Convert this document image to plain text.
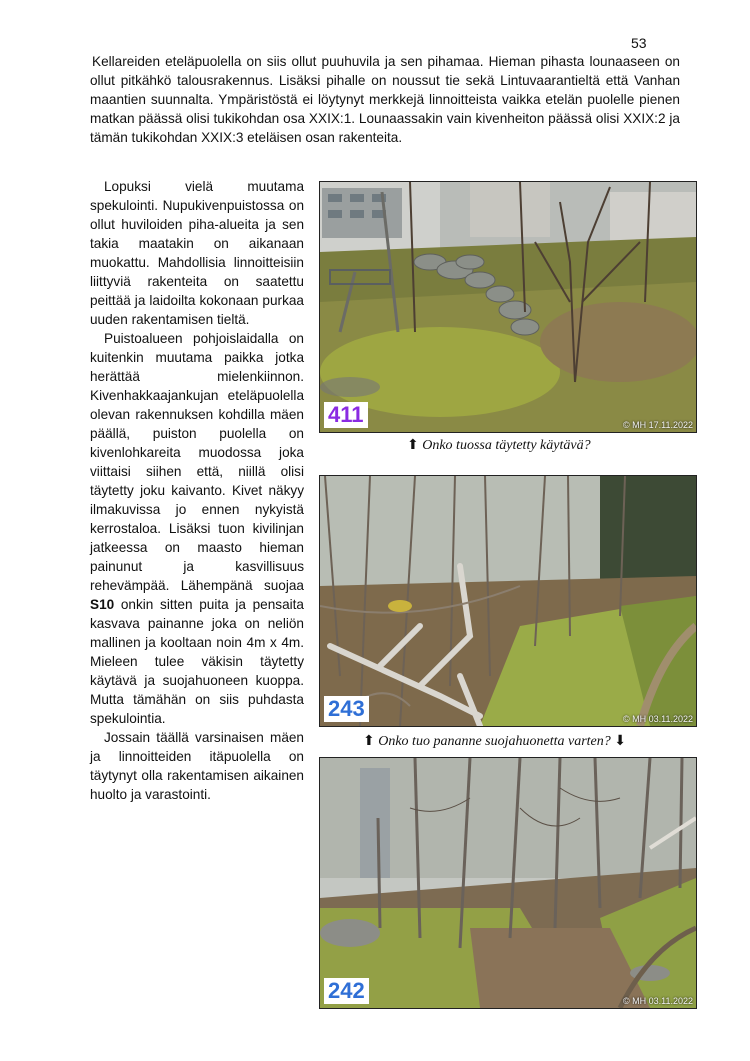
53

Kellareiden eteläpuolella on siis ollut puuhuvila ja sen pihamaa. Hieman pihasta lounaaseen on ollut pitkähkö talousrakennus. Lisäksi pihalle on noussut tie sekä Lintuvaarantieltä että Vanhan maantien suunnalta. Ympäristöstä ei löytynyt merkkejä linnoitteista vaikka etelän puolelle pienen matkan päässä olisi tukikohdan osa XXIX:1. Lounaassakin vain kivenheiton päässä olisi XXIX:2 ja tämän tukikohdan XXIX:3 eteläisen osan rakenteita.

Lopuksi vielä muutama spekulointi. Nupukivenpuistossa on ollut huviloiden piha-alueita ja sen takia maatakin on aikanaan muokattu. Mahdollisia linnoitteisiin liittyviä rakenteita on saatettu peittää ja laidoilta kokonaan purkaa uuden rakentamisen tieltä.

Puistoalueen pohjoislaidalla on kuitenkin muutama paikka jotka herättää mielenkiinnon. Kivenhakkaajankujan eteläpuolella olevan rakennuksen kohdilla mäen päällä, puiston puolella on kivenlohkareita muodossa joka viittaisi siihen että, niillä olisi täytetty joku kaivanto. Kivet näkyy ilmakuvissa jo ennen nykyistä kerrostaloa. Lisäksi tuon kivilinjan jatkeessa on maasto hieman painunut ja kasvillisuus rehevämpää. Lähempänä suojaa S10 onkin sitten puita ja pensaita kasvava painanne joka on neliön mallinen ja kooltaan noin 4m x 4m. Mieleen tulee väkisin täytetty käytävä ja suojahuoneen kuoppa. Mutta tämähän on siis puhdasta spekulointia.

Jossain täällä varsinaisen mäen ja linnoitteiden itäpuolella on täytynyt olla rakentamisen aikainen huolto ja varastointi.

411	© MH 17.11.2022
⬆ Onko tuossa täytetty käytävä?
243	© MH 03.11.2022
⬆ Onko tuo pananne suojahuonetta varten? ⬇
242	© MH 03.11.2022
